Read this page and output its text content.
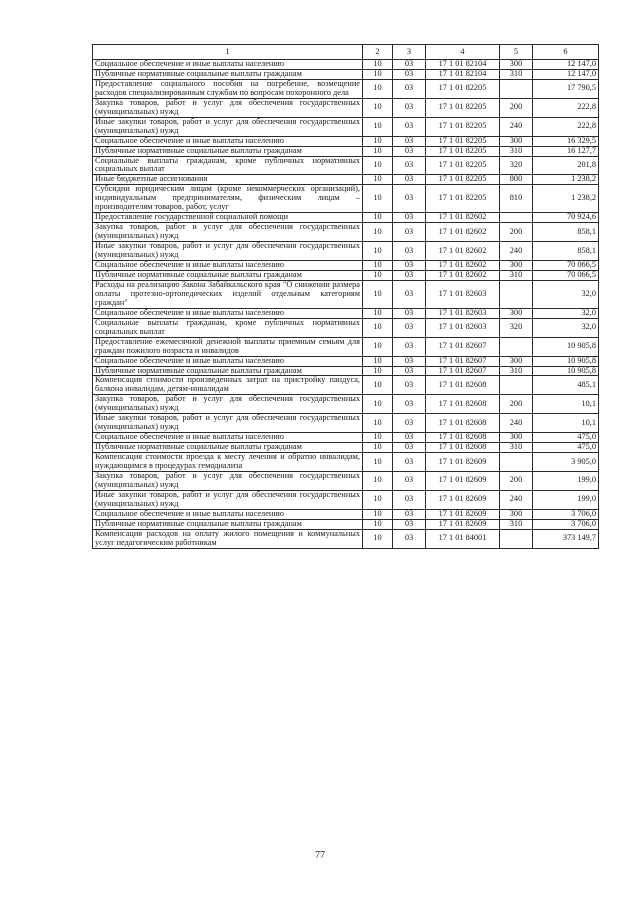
1	2	3	4	5	6
Социальное обеспечение и иные выплаты населению	10	03	17 1 01 82104	300	12 147,0
Публичные нормативные социальные выплаты гражданам	10	03	17 1 01 82104	310	12 147,0
Предоставление социального пособия на погребение, возмещение расходов специализированным службам по вопросам похоронного дела	10	03	17 1 01 82205		17 790,5
Закупка товаров, работ и услуг для обеспечения государственных (муниципальных) нужд	10	03	17 1 01 82205	200	222,8
Иные закупки товаров, работ и услуг для обеспечения государственных (муниципальных) нужд	10	03	17 1 01 82205	240	222,8
Социальное обеспечение и иные выплаты населению	10	03	17 1 01 82205	300	16 329,5
Публичные нормативные социальные выплаты гражданам	10	03	17 1 01 82205	310	16 127,7
Социальные выплаты гражданам, кроме публичных нормативных социальных выплат	10	03	17 1 01 82205	320	201,8
Иные бюджетные ассигнования	10	03	17 1 01 82205	800	1 238,2
Субсидии юридическим лицам (кроме некоммерческих организаций), индивидуальным предпринимателям, физическим лицам – производителям товаров, работ, услуг	10	03	17 1 01 82205	810	1 238,2
Предоставление государственной социальной помощи	10	03	17 1 01 82602		70 924,6
Закупка товаров, работ и услуг для обеспечения государственных (муниципальных) нужд	10	03	17 1 01 82602	200	858,1
Иные закупки товаров, работ и услуг для обеспечения государственных (муниципальных) нужд	10	03	17 1 01 82602	240	858,1
Социальное обеспечение и иные выплаты населению	10	03	17 1 01 82602	300	70 066,5
Публичные нормативные социальные выплаты гражданам	10	03	17 1 01 82602	310	70 066,5
Расходы на реализацию Закона Забайкальского края "О снижении размера оплаты протезно-ортопедических изделий отдельным категориям граждан"	10	03	17 1 01 82603		32,0
Социальное обеспечение и иные выплаты населению	10	03	17 1 01 82603	300	32,0
Социальные выплаты гражданам, кроме публичных нормативных социальных выплат	10	03	17 1 01 82603	320	32,0
Предоставление ежемесячной денежной выплаты приемным семьям для граждан пожилого возраста и инвалидов	10	03	17 1 01 82607		10 905,8
Социальное обеспечение и иные выплаты населению	10	03	17 1 01 82607	300	10 905,8
Публичные нормативные социальные выплаты гражданам	10	03	17 1 01 82607	310	10 905,8
Компенсация стоимости произведенных затрат на пристройку пандуса, балкона инвалидам, детям-инвалидам	10	03	17 1 01 82608		485,1
Закупка товаров, работ и услуг для обеспечения государственных (муниципальных) нужд	10	03	17 1 01 82608	200	10,1
Иные закупки товаров, работ и услуг для обеспечения государственных (муниципальных) нужд	10	03	17 1 01 82608	240	10,1
Социальное обеспечение и иные выплаты населению	10	03	17 1 01 82608	300	475,0
Публичные нормативные социальные выплаты гражданам	10	03	17 1 01 82608	310	475,0
Компенсация стоимости проезда к месту лечения и обратно инвалидам, нуждающимся в процедурах гемодиализа	10	03	17 1 01 82609		3 905,0
Закупка товаров, работ и услуг для обеспечения государственных (муниципальных) нужд	10	03	17 1 01 82609	200	199,0
Иные закупки товаров, работ и услуг для обеспечения государственных (муниципальных) нужд	10	03	17 1 01 82609	240	199,0
Социальное обеспечение и иные выплаты населению	10	03	17 1 01 82609	300	3 706,0
Публичные нормативные социальные выплаты гражданам	10	03	17 1 01 82609	310	3 706,0
Компенсация расходов на оплату жилого помещения и коммунальных услуг педагогическим работникам	10	03	17 1 01 84001		373 149,7
77
